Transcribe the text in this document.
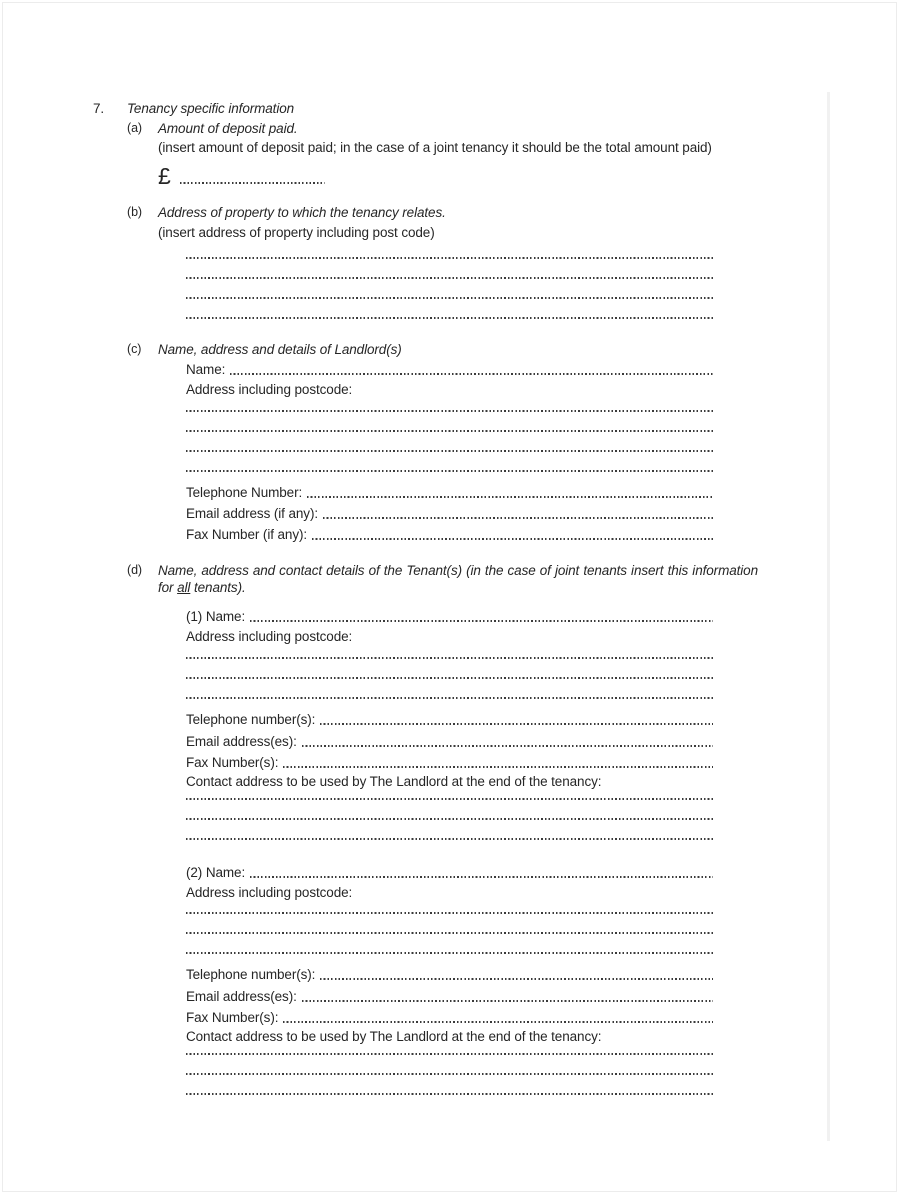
7.	Tenancy specific information
(a)	Amount of deposit paid.
(insert amount of deposit paid; in the case of a joint tenancy it should be the total amount paid)
£
(b)	Address of property to which the tenancy relates.
(insert address of property including post code)
(c)	Name, address and details of Landlord(s)
Name:
Address including postcode:
Telephone Number:
Email address (if any):
Fax Number (if any):
(d)	Name, address and contact details of the Tenant(s) (in the case of joint tenants insert this information for all tenants).
(1) Name:
Address including postcode:
Telephone number(s):
Email address(es):
Fax Number(s):
Contact address to be used by The Landlord at the end of the tenancy:
(2) Name:
Address including postcode:
Telephone number(s):
Email address(es):
Fax Number(s):
Contact address to be used by The Landlord at the end of the tenancy:
